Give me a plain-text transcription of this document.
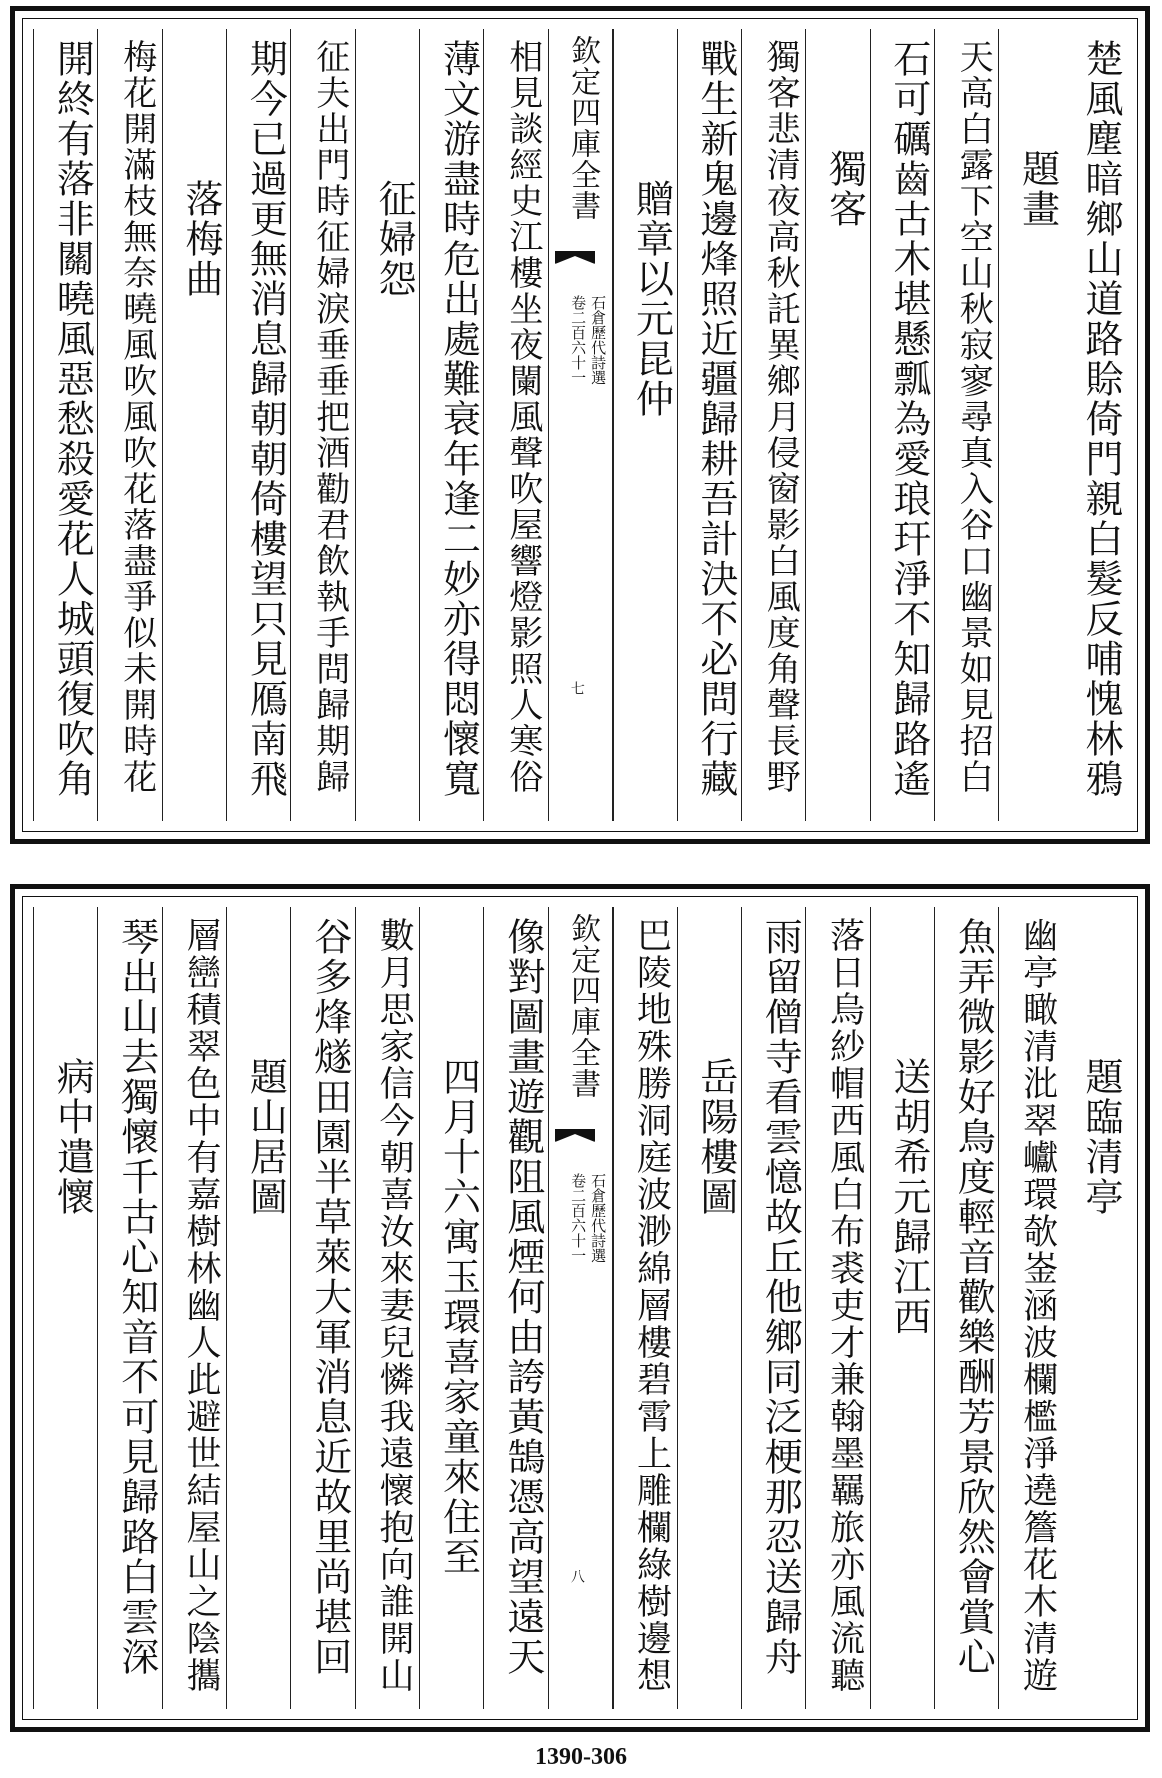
楚風塵暗鄉山道路賒倚門親白髮反哺愧林鴉
題畫
天高白露下空山秋寂寥尋真入谷口幽景如見招白
石可礪齒古木堪懸瓢為愛琅玕淨不知歸路遙
獨客
獨客悲清夜高秋託異鄉月侵窗影白風度角聲長野
戰生新鬼邊烽照近疆歸耕吾計決不必問行藏
贈章以元昆仲
欽定四庫全書
石倉歷代詩選
卷二百六十一
七
相見談經史江樓坐夜闌風聲吹屋響燈影照人寒俗
薄文游盡時危出處難衰年逢二妙亦得悶懷寬
征婦怨
征夫出門時征婦淚垂垂把酒勸君飲執手問歸期歸
期今已過更無消息歸朝朝倚樓望只見鴈南飛
落梅曲
梅花開滿枝無奈曉風吹風吹花落盡爭似未開時花
開終有落非關曉風惡愁殺愛花人城頭復吹角
題臨清亭
幽亭瞰清沘翠巘環欹崟涵波欄檻淨遶簷花木清遊
魚弄微影好鳥度輕音歡樂酬芳景欣然會賞心
送胡希元歸江西
落日烏紗帽西風白布裘吏才兼翰墨羈旅亦風流聽
雨留僧寺看雲憶故丘他鄉同泛梗那忍送歸舟
岳陽樓圖
巴陵地殊勝洞庭波渺綿層樓碧霄上雕欄綠樹邊想
欽定四庫全書
石倉歷代詩選
卷二百六十一
八
像對圖畫遊觀阻風煙何由誇黃鵠憑高望遠天
四月十六寓玉環喜家童來住至
數月思家信今朝喜汝來妻兒憐我遠懷抱向誰開山
谷多烽燧田園半草萊大軍消息近故里尚堪回
題山居圖
層巒積翠色中有嘉樹林幽人此避世結屋山之陰攜
琴出山去獨懷千古心知音不可見歸路白雲深
病中遣懷
1390-306
